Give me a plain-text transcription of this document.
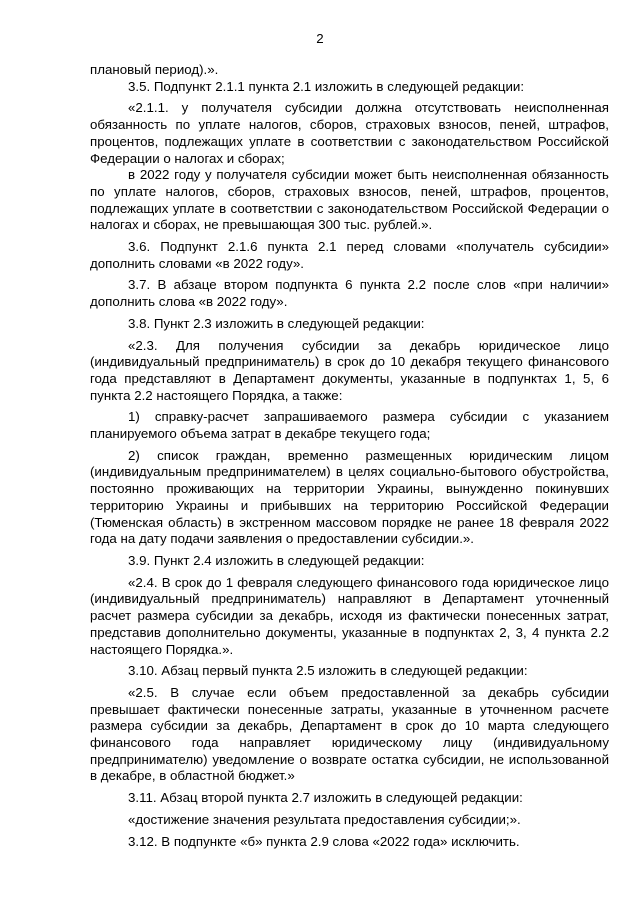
2

плановый период).».

3.5. Подпункт 2.1.1 пункта 2.1 изложить в следующей редакции:

«2.1.1. у получателя субсидии должна отсутствовать неисполненная обязанность по уплате налогов, сборов, страховых взносов, пеней, штрафов, процентов, подлежащих уплате в соответствии с законодательством Российской Федерации о налогах и сборах;

в 2022 году у получателя субсидии может быть неисполненная обязанность по уплате налогов, сборов, страховых взносов, пеней, штрафов, процентов, подлежащих уплате в соответствии с законодательством Российской Федерации о налогах и сборах, не превышающая 300 тыс. рублей.».

3.6. Подпункт 2.1.6 пункта 2.1 перед словами «получатель субсидии» дополнить словами «в 2022 году».

3.7. В абзаце втором подпункта 6 пункта 2.2 после слов «при наличии» дополнить слова «в 2022 году».

3.8. Пункт 2.3 изложить в следующей редакции:

«2.3. Для получения субсидии за декабрь юридическое лицо (индивидуальный предприниматель) в срок до 10 декабря текущего финансового года представляют в Департамент документы, указанные в подпунктах 1, 5, 6 пункта 2.2 настоящего Порядка, а также:

1) справку-расчет запрашиваемого размера субсидии с указанием планируемого объема затрат в декабре текущего года;

2) список граждан, временно размещенных юридическим лицом (индивидуальным предпринимателем) в целях социально-бытового обустройства, постоянно проживающих на территории Украины, вынужденно покинувших территорию Украины и прибывших на территорию Российской Федерации (Тюменская область) в экстренном массовом порядке не ранее 18 февраля 2022 года на дату подачи заявления о предоставлении субсидии.».

3.9. Пункт 2.4 изложить в следующей редакции:

«2.4. В срок до 1 февраля следующего финансового года юридическое лицо (индивидуальный предприниматель) направляют в Департамент уточненный расчет размера субсидии за декабрь, исходя из фактически понесенных затрат, представив дополнительно документы, указанные в подпунктах 2, 3, 4 пункта 2.2 настоящего Порядка.».

3.10. Абзац первый пункта 2.5 изложить в следующей редакции:

«2.5. В случае если объем предоставленной за декабрь субсидии превышает фактически понесенные затраты, указанные в уточненном расчете размера субсидии за декабрь, Департамент в срок до 10 марта следующего финансового года направляет юридическому лицу (индивидуальному предпринимателю) уведомление о возврате остатка субсидии, не использованной в декабре, в областной бюджет.»

3.11. Абзац второй пункта 2.7 изложить в следующей редакции:

«достижение значения результата предоставления субсидии;».

3.12. В подпункте «б» пункта 2.9 слова «2022 года» исключить.
